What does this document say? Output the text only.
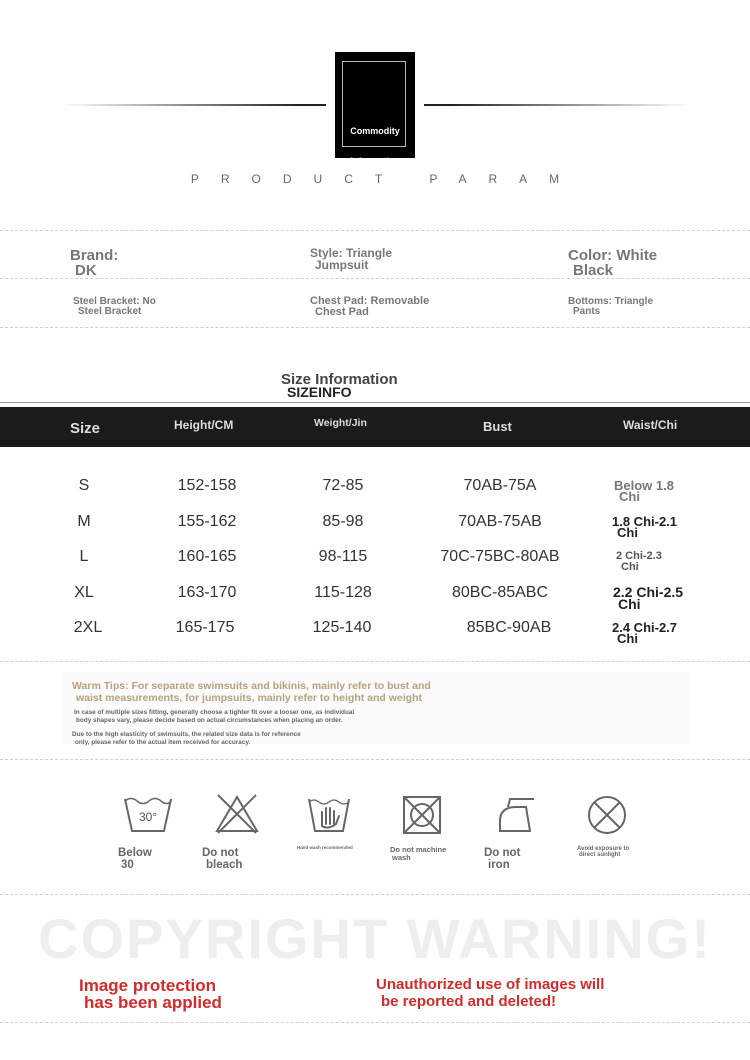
Commodity
Information
PRODUCT PARAM
Brand:
DK
Style: Triangle
Jumpsuit
Color: White
Black
Steel Bracket: No
Steel Bracket
Chest Pad: Removable
Chest Pad
Bottoms: Triangle
Pants
Size Information
SIZEINFO
Size	Height/CM	Weight/Jin	Bust	Waist/Chi
S	152-158	72-85	70AB-75A	Below 1.8
Chi
M	155-162	85-98	70AB-75AB	1.8 Chi-2.1
Chi
L	160-165	98-115	70C-75BC-80AB	2 Chi-2.3
Chi
XL	163-170	115-128	80BC-85ABC	2.2 Chi-2.5
Chi
2XL	165-175	125-140	85BC-90AB	2.4 Chi-2.7
Chi
Warm Tips: For separate swimsuits and bikinis, mainly refer to bust and
waist measurements, for jumpsuits, mainly refer to height and weight
In case of multiple sizes fitting, generally choose a tighter fit over a looser one, as individual
body shapes vary, please decide based on actual circumstances when placing an order.
Due to the high elasticity of swimsuits, the related size data is for reference
only, please refer to the actual item received for accuracy.
30°
Below
30
Do not
bleach
Hand wash recommended	Do not machine
wash	Do not
iron
Avoid exposure to
direct sunlight
COPYRIGHT WARNING!
Image protection
has been applied
Unauthorized use of images will
be reported and deleted!
